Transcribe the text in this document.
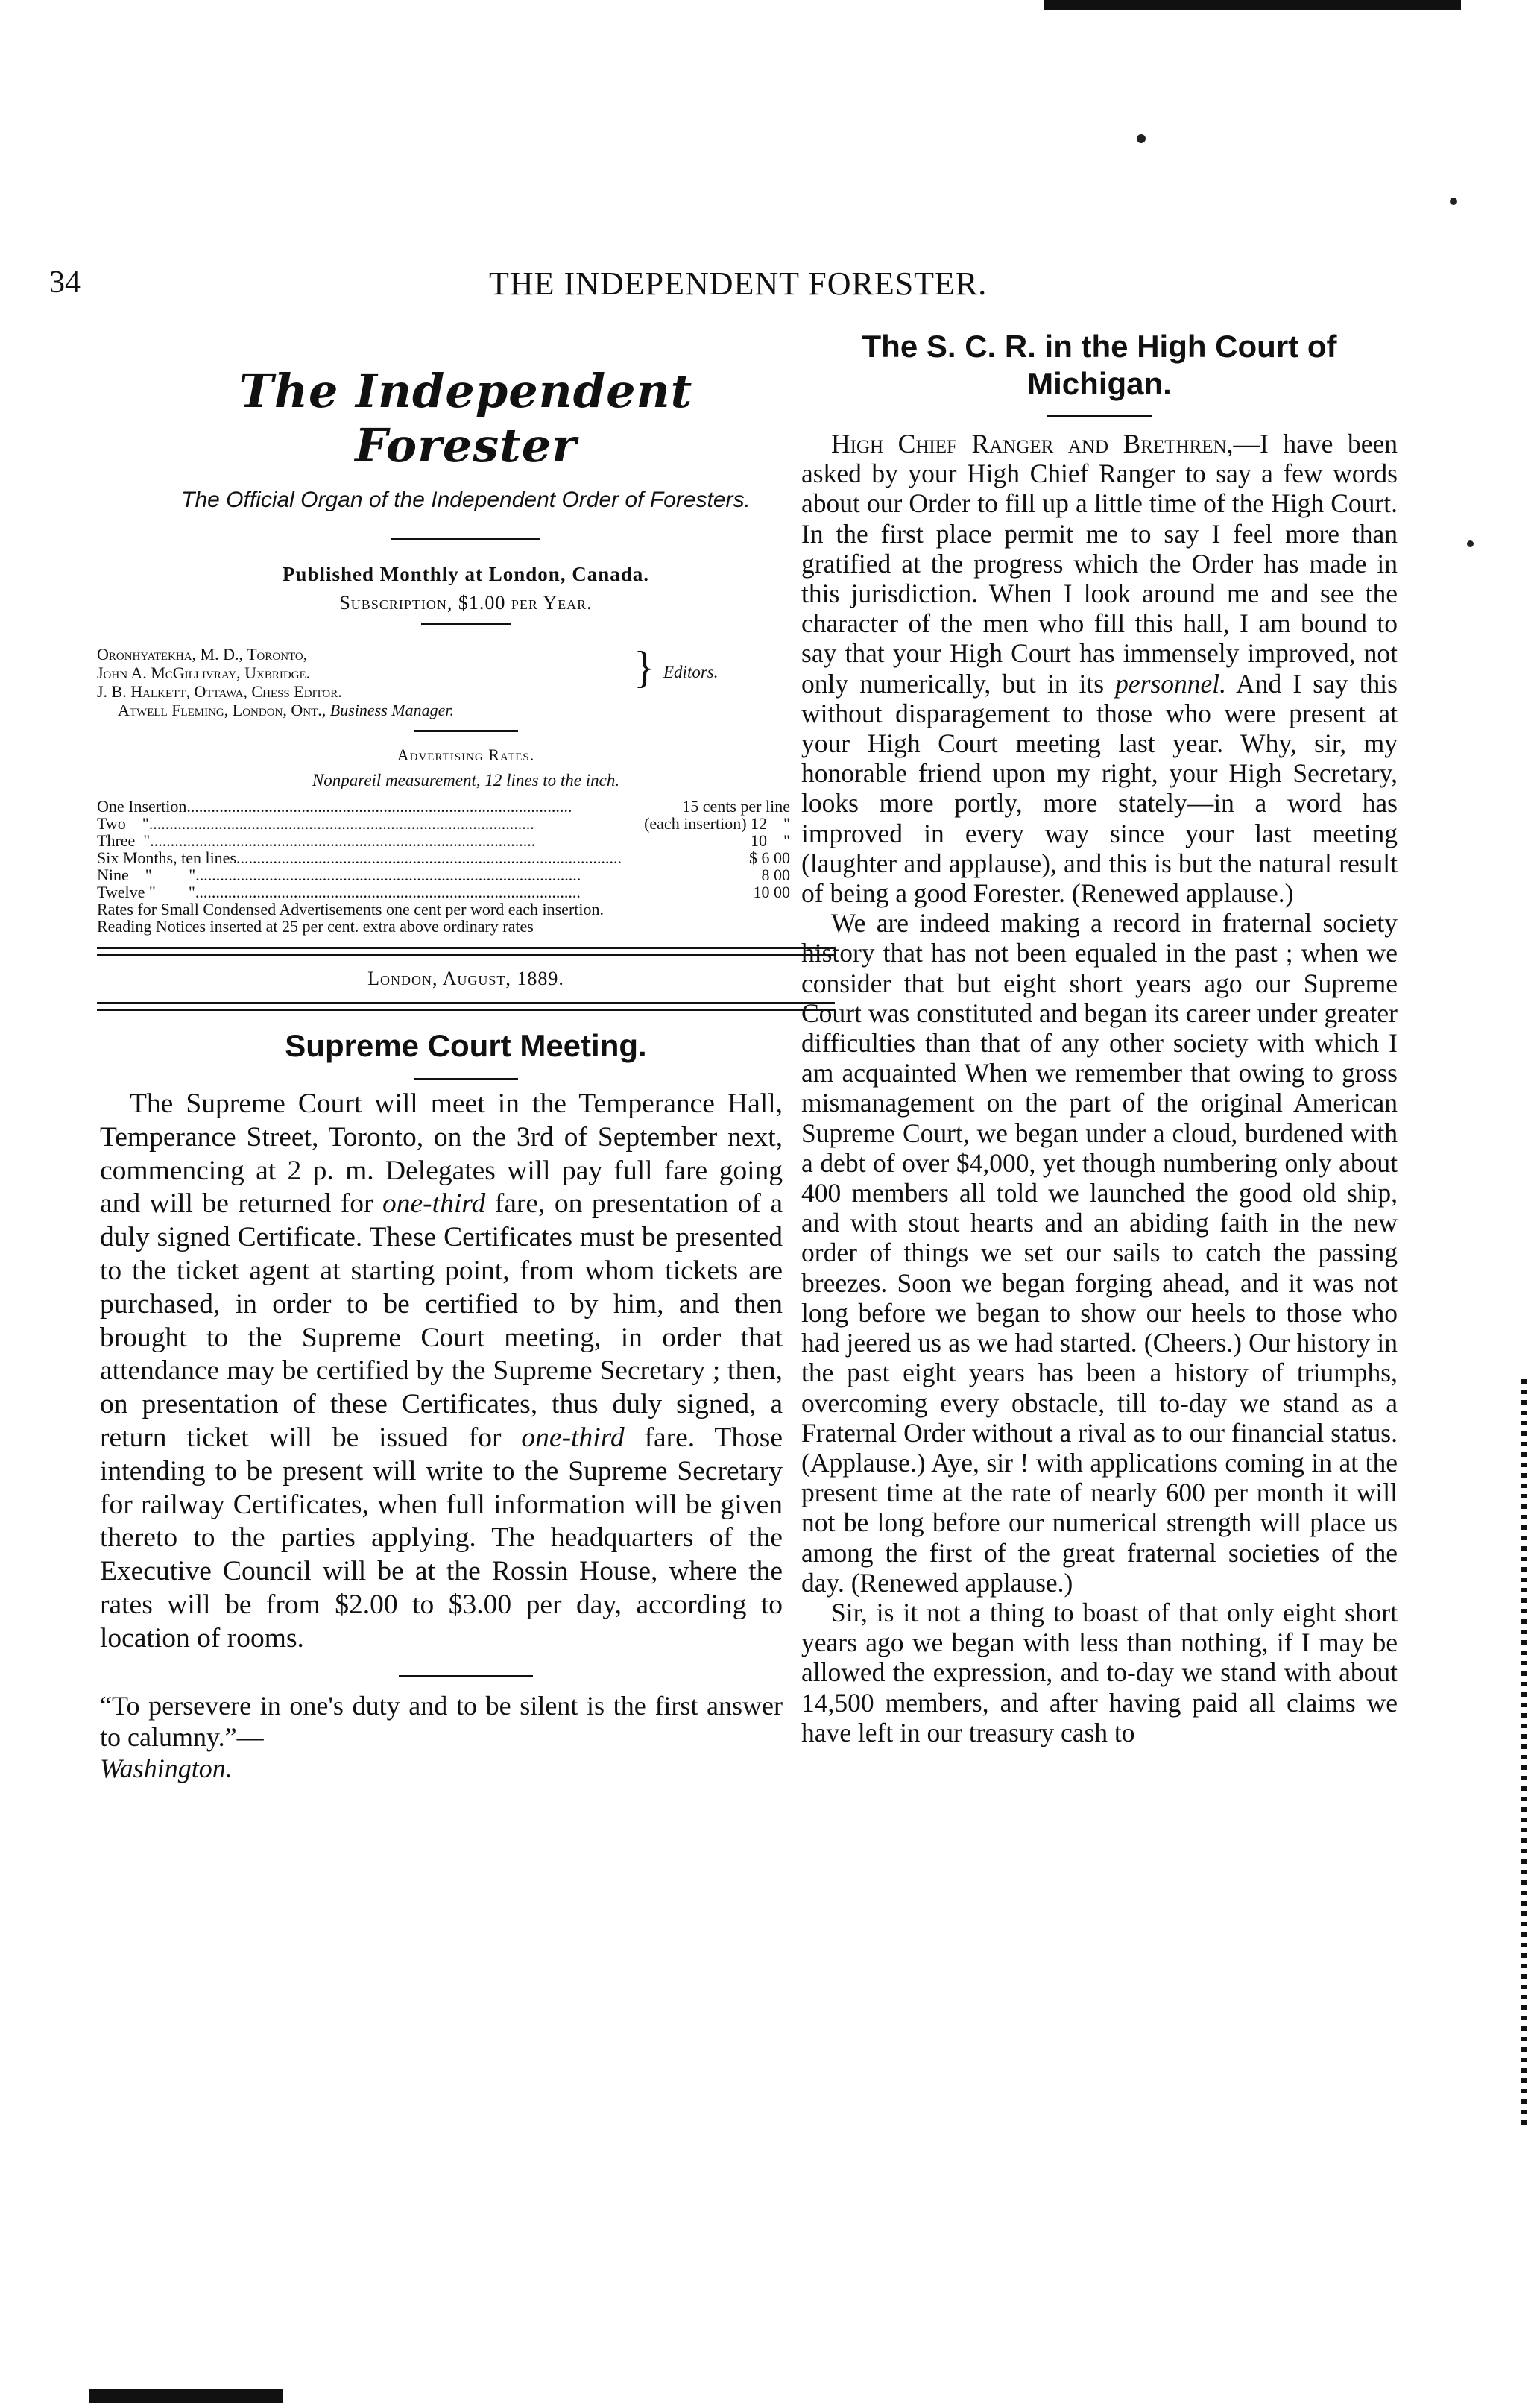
34	THE INDEPENDENT FORESTER.
The Independent Forester
The Official Organ of the Independent Order of Foresters.
Published Monthly at London, Canada.
Subscription, $1.00 per Year.
Oronhyatekha, M. D., Toronto,
John A. McGillivray, Uxbridge.
J. B. Halkett, Ottawa, Chess Editor.
Atwell Fleming, London, Ont., Business Manager.
} Editors.
Advertising Rates.
Nonpareil measurement, 12 lines to the inch.
One Insertion ..............................................................................................	15 cents per line
Two    " ..............................................................................................	(each insertion) 12    "
Three  " ..............................................................................................	10    "
Six Months, ten lines ..............................................................................................	$ 6 00
Nine    "         " ..............................................................................................	8 00
Twelve "        " ..............................................................................................	10 00
Rates for Small Condensed Advertisements one cent per word each insertion.
Reading Notices inserted at 25 per cent. extra above ordinary rates
London, August, 1889.
Supreme Court Meeting.

The Supreme Court will meet in the Temperance Hall, Temperance Street, Toronto, on the 3rd of September next, commencing at 2 p. m. Delegates will pay full fare going and will be returned for one-third fare, on presentation of a duly signed Certificate. These Certificates must be presented to the ticket agent at starting point, from whom tickets are purchased, in order to be certified to by him, and then brought to the Supreme Court meeting, in order that attendance may be certified by the Supreme Secretary ; then, on presentation of these Certificates, thus duly signed, a return ticket will be issued for one-third fare. Those intending to be present will write to the Supreme Secretary for railway Certificates, when full information will be given thereto to the parties applying. The headquarters of the Executive Council will be at the Rossin House, where the rates will be from $2.00 to $3.00 per day, according to location of rooms.

“To persevere in one's duty and to be silent is the first answer to calumny.”—
Washington.
The S. C. R. in the High Court of Michigan.

High Chief Ranger and Brethren,—I have been asked by your High Chief Ranger to say a few words about our Order to fill up a little time of the High Court. In the first place permit me to say I feel more than gratified at the progress which the Order has made in this jurisdiction. When I look around me and see the character of the men who fill this hall, I am bound to say that your High Court has immensely improved, not only numerically, but in its personnel. And I say this without disparagement to those who were present at your High Court meeting last year. Why, sir, my honorable friend upon my right, your High Secretary, looks more portly, more stately—in a word has improved in every way since your last meeting (laughter and applause), and this is but the natural result of being a good Forester. (Renewed applause.)

We are indeed making a record in fraternal society history that has not been equaled in the past ; when we consider that but eight short years ago our Supreme Court was constituted and began its career under greater difficulties than that of any other society with which I am acquainted When we remember that owing to gross mismanagement on the part of the original American Supreme Court, we began under a cloud, burdened with a debt of over $4,000, yet though numbering only about 400 members all told we launched the good old ship, and with stout hearts and an abiding faith in the new order of things we set our sails to catch the passing breezes. Soon we began forging ahead, and it was not long before we began to show our heels to those who had jeered us as we had started. (Cheers.) Our history in the past eight years has been a history of triumphs, overcoming every obstacle, till to-day we stand as a Fraternal Order without a rival as to our financial status. (Applause.) Aye, sir ! with applications coming in at the present time at the rate of nearly 600 per month it will not be long before our numerical strength will place us among the first of the great fraternal societies of the day. (Renewed applause.)

Sir, is it not a thing to boast of that only eight short years ago we began with less than nothing, if I may be allowed the expression, and to-day we stand with about 14,500 members, and after having paid all claims we have left in our treasury cash to
